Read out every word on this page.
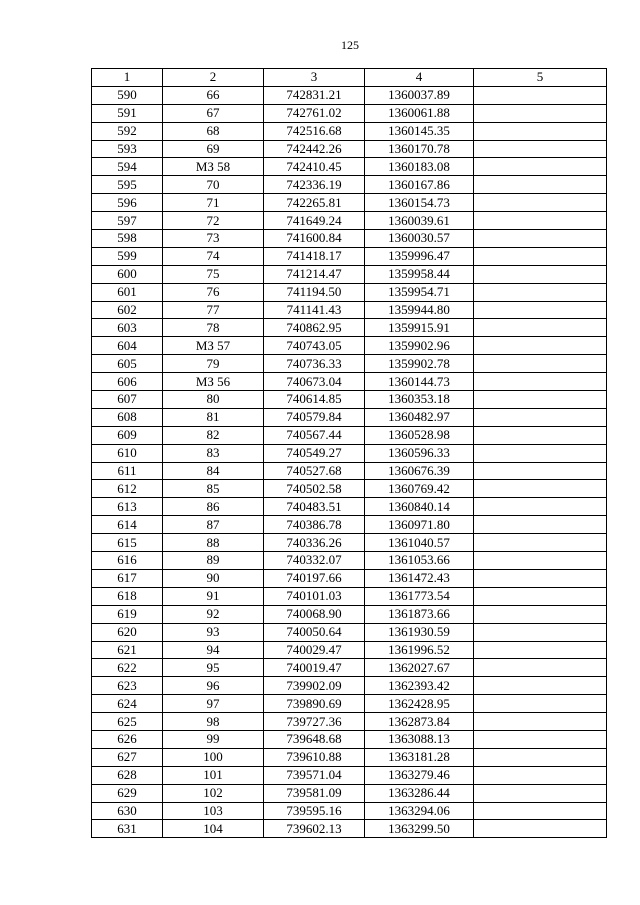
125
1	2	3	4	5
590	66	742831.21	1360037.89	
591	67	742761.02	1360061.88	
592	68	742516.68	1360145.35	
593	69	742442.26	1360170.78	
594	МЗ 58	742410.45	1360183.08	
595	70	742336.19	1360167.86	
596	71	742265.81	1360154.73	
597	72	741649.24	1360039.61	
598	73	741600.84	1360030.57	
599	74	741418.17	1359996.47	
600	75	741214.47	1359958.44	
601	76	741194.50	1359954.71	
602	77	741141.43	1359944.80	
603	78	740862.95	1359915.91	
604	МЗ 57	740743.05	1359902.96	
605	79	740736.33	1359902.78	
606	МЗ 56	740673.04	1360144.73	
607	80	740614.85	1360353.18	
608	81	740579.84	1360482.97	
609	82	740567.44	1360528.98	
610	83	740549.27	1360596.33	
611	84	740527.68	1360676.39	
612	85	740502.58	1360769.42	
613	86	740483.51	1360840.14	
614	87	740386.78	1360971.80	
615	88	740336.26	1361040.57	
616	89	740332.07	1361053.66	
617	90	740197.66	1361472.43	
618	91	740101.03	1361773.54	
619	92	740068.90	1361873.66	
620	93	740050.64	1361930.59	
621	94	740029.47	1361996.52	
622	95	740019.47	1362027.67	
623	96	739902.09	1362393.42	
624	97	739890.69	1362428.95	
625	98	739727.36	1362873.84	
626	99	739648.68	1363088.13	
627	100	739610.88	1363181.28	
628	101	739571.04	1363279.46	
629	102	739581.09	1363286.44	
630	103	739595.16	1363294.06	
631	104	739602.13	1363299.50	
